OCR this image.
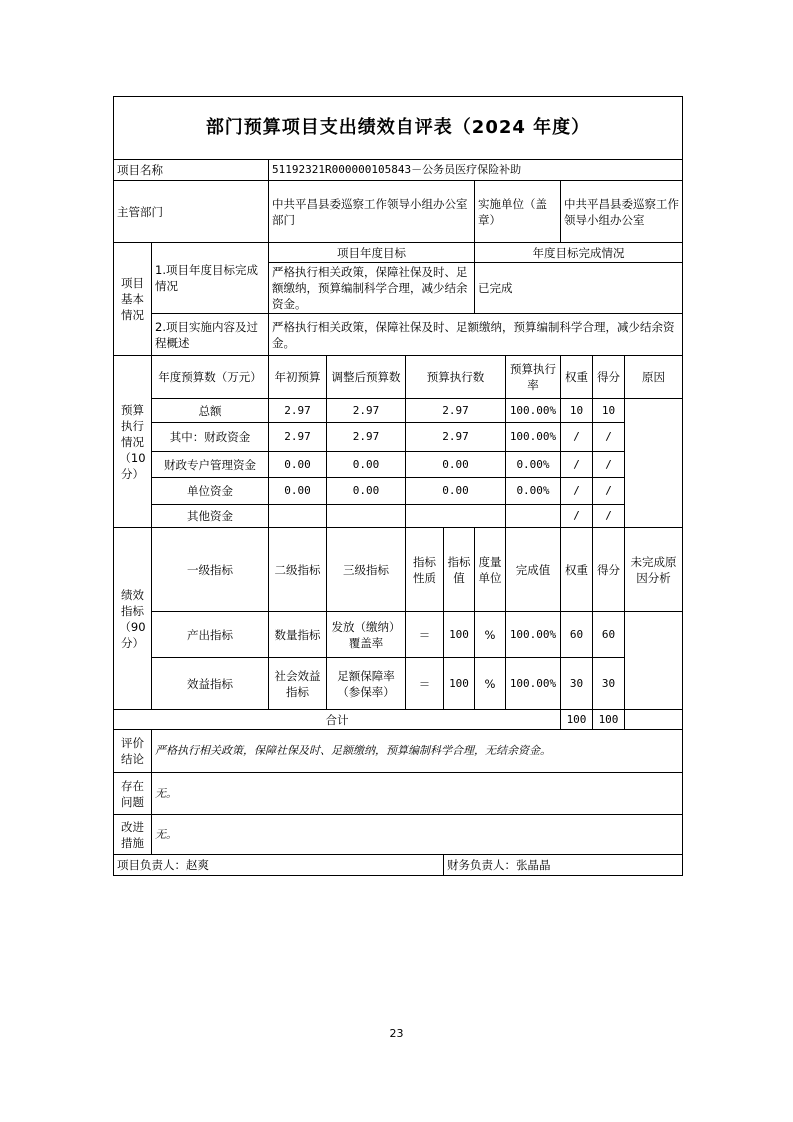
部门预算项目支出绩效自评表（2024 年度）										
项目名称		51192321R000000105843－公务员医疗保险补助								
主管部门		中共平昌县委巡察工作领导小组办公室部门				实施单位（盖章）		中共平昌县委巡察工作领导小组办公室		
项目基本情况	1.项目年度目标完成情况	项目年度目标				年度目标完成情况				
		严格执行相关政策，保障社保及时、足额缴纳，预算编制科学合理，减少结余资金。				已完成				
	2.项目实施内容及过程概述	严格执行相关政策，保障社保及时、足额缴纳，预算编制科学合理，减少结余资金。								
预算执行情况（10分）	年度预算数（万元）	年初预算	调整后预算数	预算执行数			预算执行率	权重	得分	原因
	总额	2.97	2.97	2.97			100.00%	10	10	
	其中：财政资金	2.97	2.97	2.97			100.00%	/	/	
	财政专户管理资金	0.00	0.00	0.00			0.00%	/	/	
	单位资金	0.00	0.00	0.00			0.00%	/	/	
	其他资金							/	/	
绩效指标（90分）	一级指标	二级指标	三级指标	指标性质	指标值	度量单位	完成值	权重	得分	未完成原因分析
	产出指标	数量指标	发放（缴纳）覆盖率	＝	100	%	100.00%	60	60	
	效益指标	社会效益指标	足额保障率（参保率）	＝	100	%	100.00%	30	30	
合计								100	100	
评价结论	严格执行相关政策，保障社保及时、足额缴纳，预算编制科学合理，无结余资金。									
存在问题	无。									
改进措施	无。									
项目负责人：赵爽					财务负责人：张晶晶					
23
